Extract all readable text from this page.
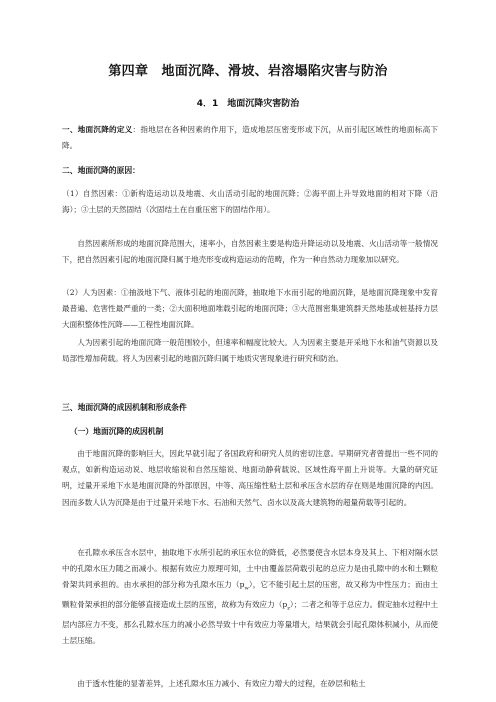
第四章　地面沉降、滑坡、岩溶塌陷灾害与防治
4．1　地面沉降灾害防治

一、地面沉降的定义：指地层在各种因素的作用下，造成地层压密变形或下沉，从而引起区域性的地面标高下降。

二、地面沉降的原因：

（1）自然因素：①新构造运动以及地震、火山活动引起的地面沉降；②海平面上升导致地面的相对下降（沿海）；③土层的天然固结（次固结土在自重压密下的固结作用）。

自然因素所形成的地面沉降范围大，速率小，自然因素主要是构造升降运动以及地震、火山活动等一般情况下，把自然因素引起的地面沉降归属于地壳形变或构造运动的范畴，作为一种自然动力现象加以研究。

（2）人为因素：①抽汲地下气、液体引起的地面沉降，抽取地下水而引起的地面沉降，是地面沉降现象中发育最普遍、危害性最严重的一类；②大面积地面堆载引起的地面沉降；③大范围密集建筑群天然地基或桩基持力层大面积整体性沉降——工程性地面沉降。

人为因素引起的地面沉降一般范围较小，但速率和幅度比较大。人为因素主要是开采地下水和油气资源以及局部性增加荷载。将人为因素引起的地面沉降归属于地质灾害现象进行研究和防治。

三、地面沉降的成因机制和形成条件

（一）地面沉降的成因机制

由于地面沉降的影响巨大，因此早就引起了各国政府和研究人员的密切注意。早期研究者曾提出一些不同的观点，如新构造运动说、地层收缩说和自然压缩说、地面动静荷载说、区域性海平面上升说等。大量的研究证明，过量开采地下水是地面沉降的外部原因，中等、高压缩性粘土层和承压含水层的存在则是地面沉降的内因。因而多数人认为沉降是由于过量开采地下水、石油和天然气、卤水以及高大建筑物的超量荷载等引起的。

在孔隙水承压含水层中，抽取地下水所引起的承压水位的降低，必然要使含水层本身及其上、下相对隔水层中的孔隙水压力随之而减小。根据有效应力原理可知，土中由覆盖层荷载引起的总应力是由孔隙中的水和土颗粒骨架共同承担的。由水承担的部分称为孔隙水压力$(p_w)$，它不能引起土层的压密，故又称为中性压力；而由土颗粒骨架承担的部分能够直接造成土层的压密，故称为有效应力$(p_z)$；二者之和等于总应力。假定抽水过程中土层内部应力不变，那么孔隙水压力的减小必然导致十中有效应力等量增大，结果就会引起孔隙体积减小，从而使土层压缩。

由于透水性能的显著差异，上述孔隙水压力减小、有效应力增大的过程，在砂层和粘土
